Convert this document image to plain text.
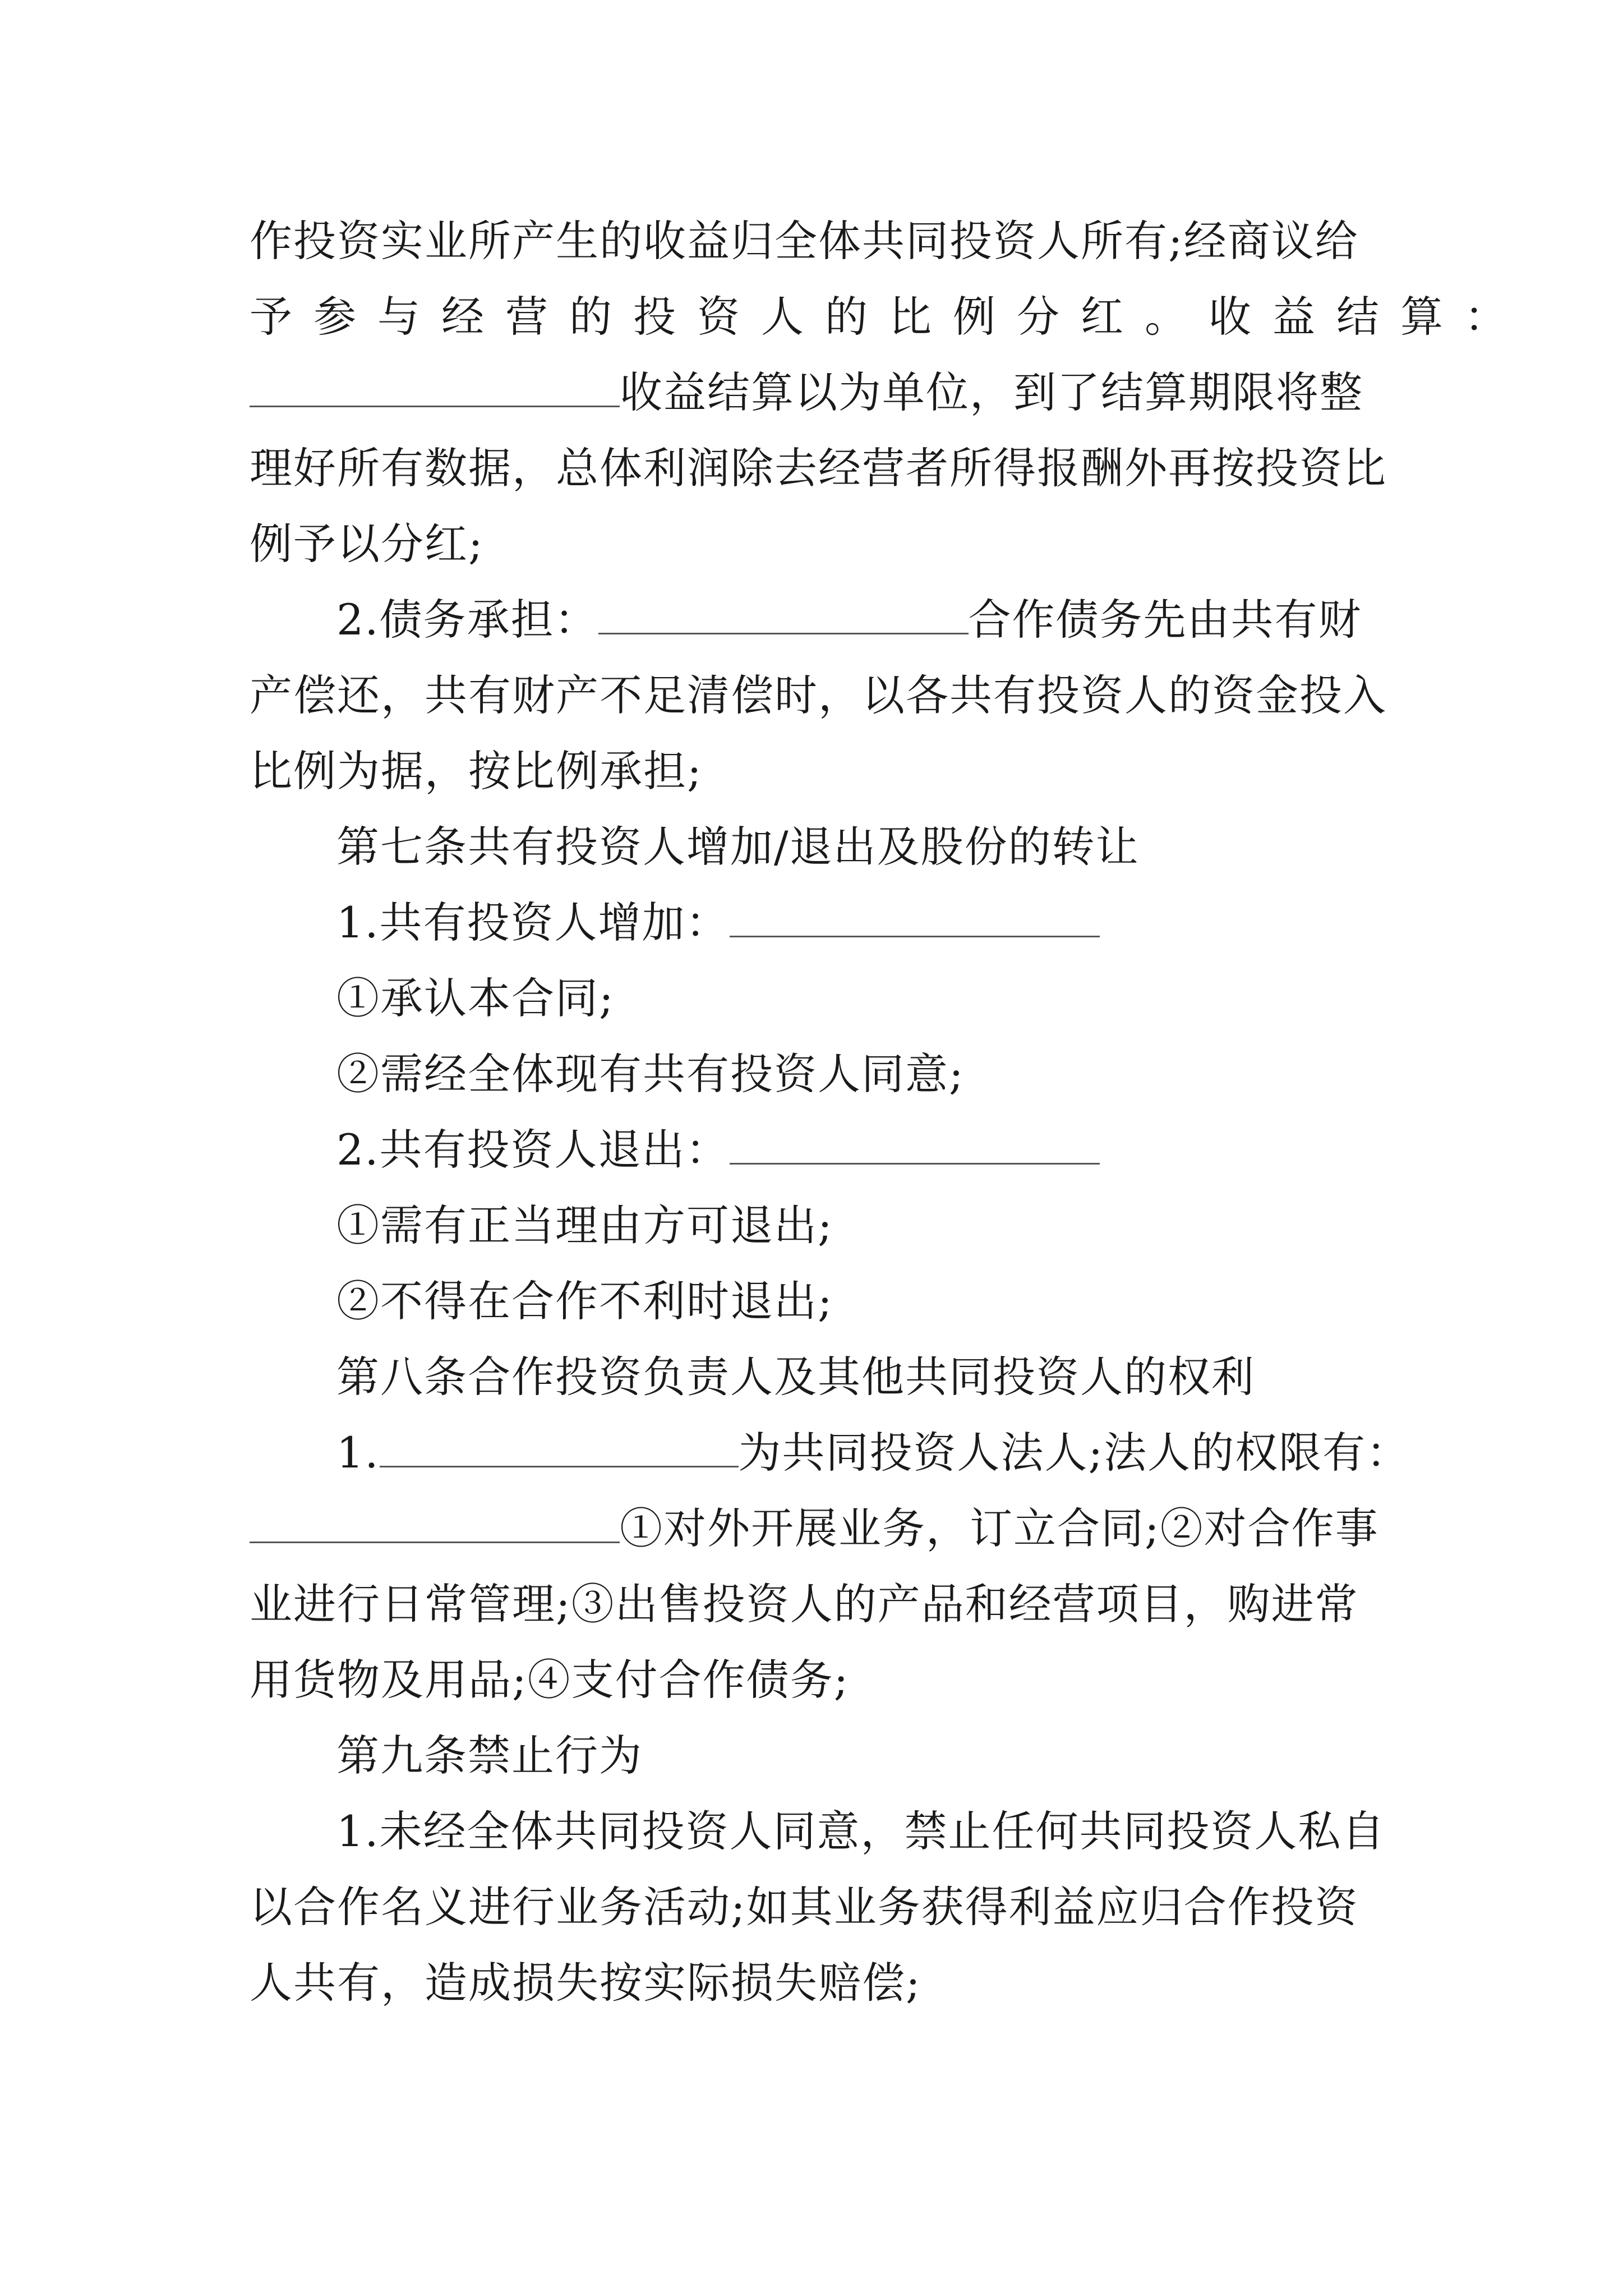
作投资实业所产生的收益归全体共同投资人所有;经商议给
予参与经营的投资人的比例分红。收益结算：
收益结算以为单位，到了结算期限将整
理好所有数据，总体利润除去经营者所得报酬外再按投资比
例予以分红;
2.债务承担：	合作债务先由共有财
产偿还，共有财产不足清偿时，以各共有投资人的资金投入
比例为据，按比例承担;
第七条共有投资人增加/退出及股份的转让
1.共有投资人增加：
①承认本合同;
②需经全体现有共有投资人同意;
2.共有投资人退出：
①需有正当理由方可退出;
②不得在合作不利时退出;
第八条合作投资负责人及其他共同投资人的权利
1.	为共同投资人法人;法人的权限有：
①对外开展业务，订立合同;②对合作事
业进行日常管理;③出售投资人的产品和经营项目，购进常
用货物及用品;④支付合作债务;
第九条禁止行为
1.未经全体共同投资人同意，禁止任何共同投资人私自
以合作名义进行业务活动;如其业务获得利益应归合作投资
人共有，造成损失按实际损失赔偿;
